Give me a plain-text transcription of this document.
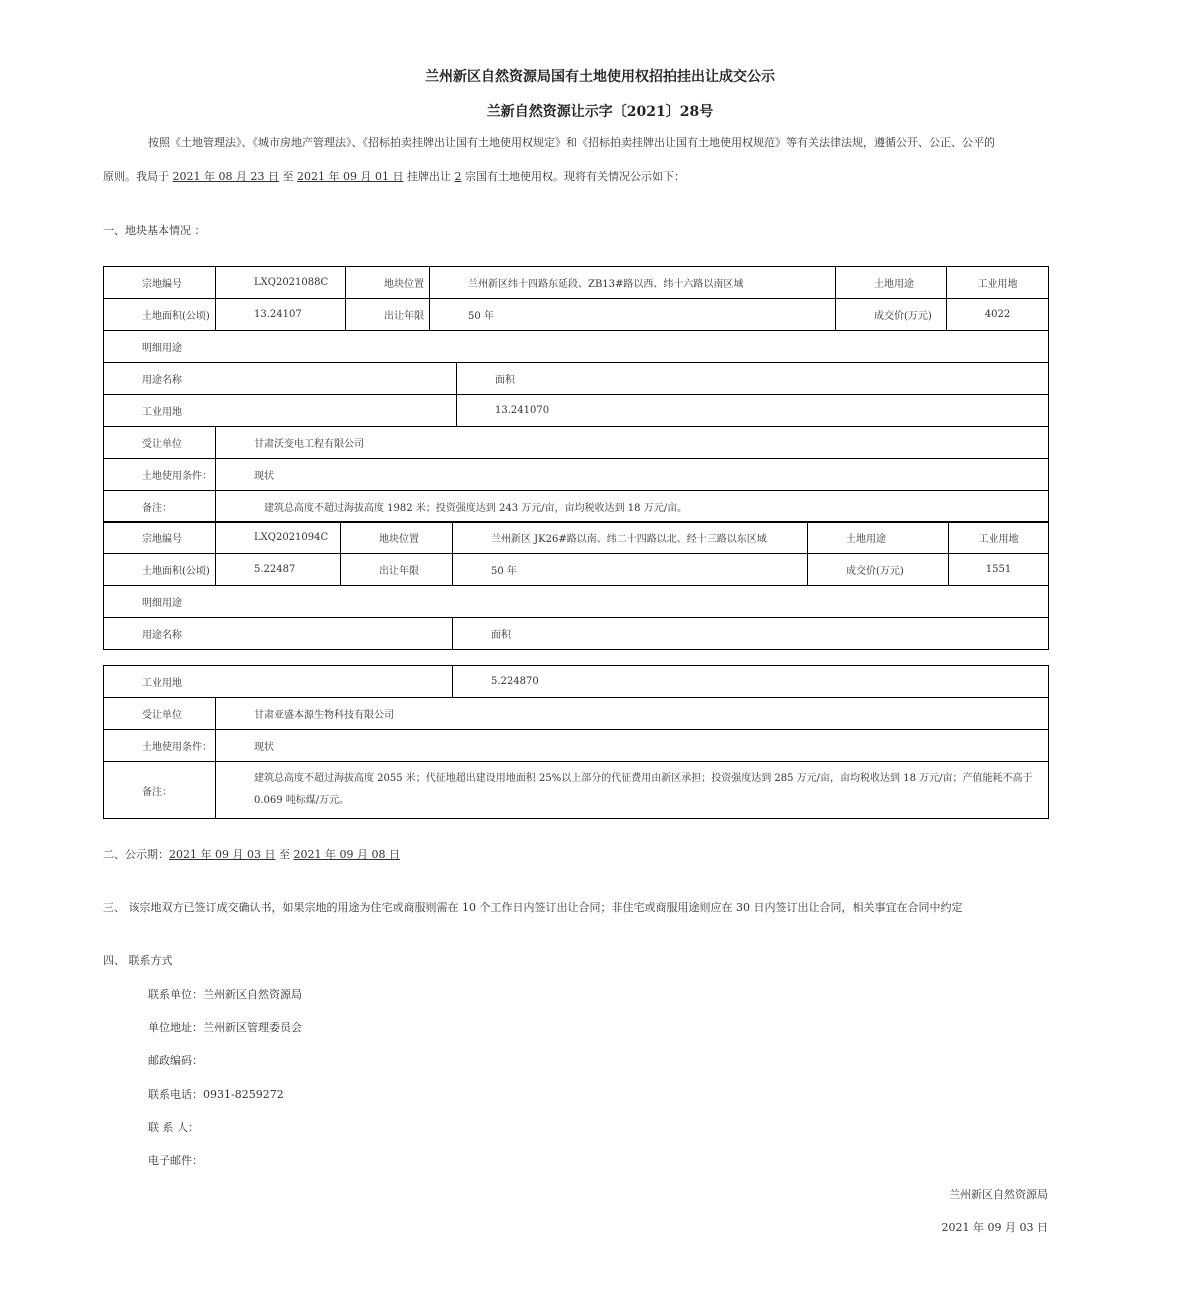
兰州新区自然资源局国有土地使用权招拍挂出让成交公示
兰新自然资源让示字〔2021〕28号
按照《土地管理法》、《城市房地产管理法》、《招标拍卖挂牌出让国有土地使用权规定》和《招标拍卖挂牌出让国有土地使用权规范》等有关法律法规，遵循公开、公正、公平的
原则。我局于 2021 年 08 月 23 日 至 2021 年 09 月 01 日 挂牌出让 2 宗国有土地使用权。现将有关情况公示如下：
一、地块基本情况 ：
宗地编号	LXQ2021088C	地块位置	兰州新区纬十四路东延段、ZB13#路以西、纬十六路以南区域		土地用途	工业用地
土地面积(公顷)	13.24107	出让年限	50 年		成交价(万元)	4022
明细用途						
用途名称				面积		
工业用地				13.241070		
受让单位	甘肃沃变电工程有限公司					
土地使用条件：	现状					
备注：	建筑总高度不超过海拔高度 1982 米；投资强度达到 243 万元/亩，亩均税收达到 18 万元/亩。					
宗地编号	LXQ2021094C	地块位置	兰州新区 JK26#路以南、纬二十四路以北、经十三路以东区域	土地用途	工业用地
土地面积(公顷)	5.22487	出让年限	50 年	成交价(万元)	1551
明细用途					
用途名称			面积		
工业用地		5.224870
受让单位	甘肃亚盛本源生物科技有限公司	
土地使用条件：	现状	
备注：	建筑总高度不超过海拔高度 2055 米；代征地超出建设用地面积 25%以上部分的代征费用由新区承担；投资强度达到 285 万元/亩，亩均税收达到 18 万元/亩；产值能耗不高于 0.069 吨标煤/万元。	
二、公示期：2021 年 09 月 03 日 至 2021 年 09 月 08 日
三、 该宗地双方已签订成交确认书，如果宗地的用途为住宅或商服则需在 10 个工作日内签订出让合同；非住宅或商服用途则应在 30 日内签订出让合同，相关事宜在合同中约定
四、 联系方式
联系单位：兰州新区自然资源局
单位地址：兰州新区管理委员会
邮政编码：
联系电话：0931-8259272
联 系 人：
电子邮件：
兰州新区自然资源局
2021 年 09 月 03 日
